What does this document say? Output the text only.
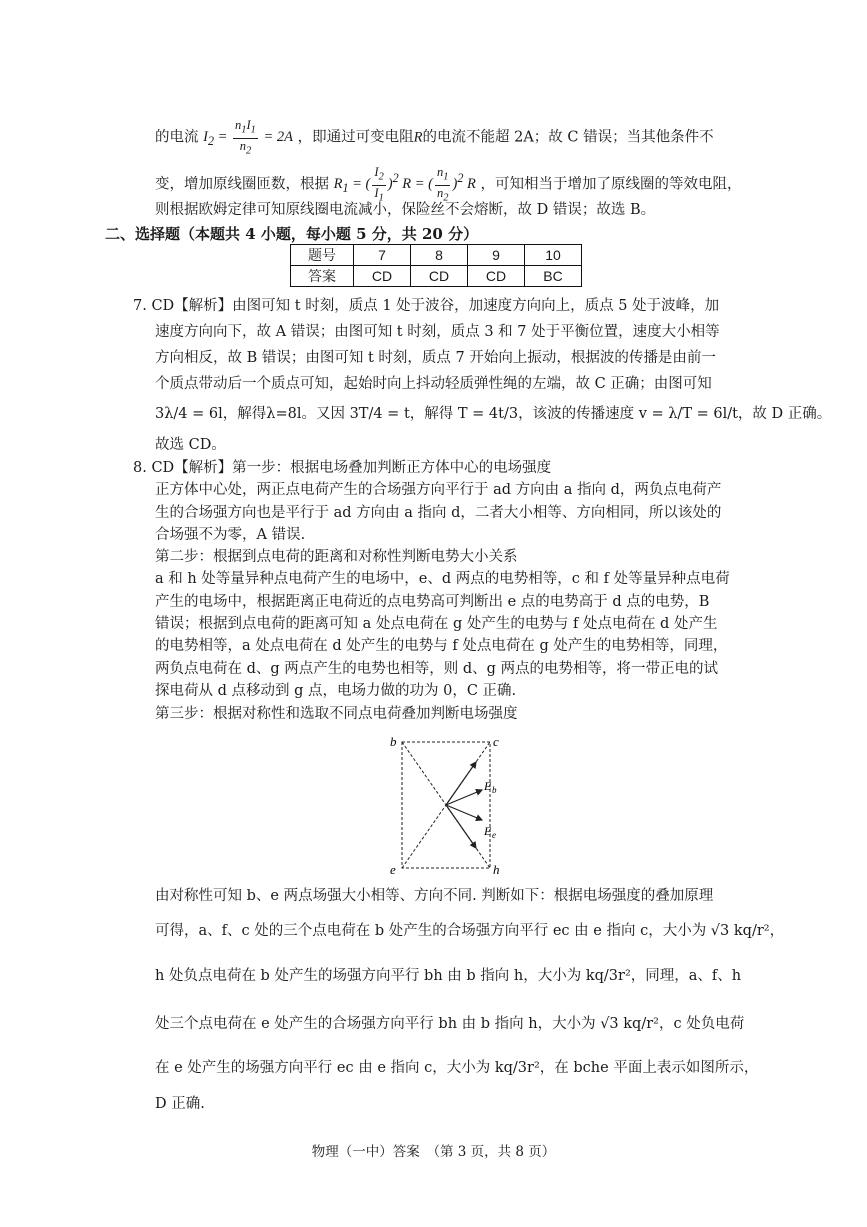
的电流 $I_2 = \frac{n_1I_1}{n_2} = 2A$ ，即通过可变电阻R的电流不能超 2A；故 C 错误；当其他条件不
变，增加原线圈匝数，根据 $R_1$ = ( $\frac{I_2}{I_1} )^2$ R = ( $\frac{n_1}{n_2} )^2$ R ，可知相当于增加了原线圈的等效电阻，
则根据欧姆定律可知原线圈电流减小，保险丝不会熔断，故 D 错误；故选 B。
二、选择题（本题共 4 小题，每小题 5 分，共 20 分）
题号	7	8	9	10
答案	CD	CD	CD	BC
7. CD【解析】由图可知 t 时刻，质点 1 处于波谷，加速度方向向上，质点 5 处于波峰，加
速度方向向下，故 A 错误；由图可知 t 时刻，质点 3 和 7 处于平衡位置，速度大小相等
方向相反，故 B 错误；由图可知 t 时刻，质点 7 开始向上振动，根据波的传播是由前一
个质点带动后一个质点可知，起始时向上抖动轻质弹性绳的左端，故 C 正确；由图可知
3λ/4 = 6l，解得λ=8l。又因 3T/4 = t，解得 T = 4t/3，该波的传播速度 v = λ/T = 6l/t，故 D 正确。
故选 CD。
8. CD【解析】第一步：根据电场叠加判断正方体中心的电场强度
正方体中心处，两正点电荷产生的合场强方向平行于 ad 方向由 a 指向 d，两负点电荷产
生的合场强方向也是平行于 ad 方向由 a 指向 d，二者大小相等、方向相同，所以该处的
合场强不为零，A 错误.
第二步：根据到点电荷的距离和对称性判断电势大小关系
a 和 h 处等量异种点电荷产生的电场中，e、d 两点的电势相等，c 和 f 处等量异种点电荷
产生的电场中，根据距离正电荷近的点电势高可判断出 e 点的电势高于 d 点的电势，B
错误；根据到点电荷的距离可知 a 处点电荷在 g 处产生的电势与 f 处点电荷在 d 处产生
的电势相等，a 处点电荷在 d 处产生的电势与 f 处点电荷在 g 处产生的电势相等，同理，
两负点电荷在 d、g 两点产生的电势也相等，则 d、g 两点的电势相等，将一带正电的试
探电荷从 d 点移动到 g 点，电场力做的功为 0，C 正确.
第三步：根据对称性和选取不同点电荷叠加判断电场强度
b	c
e	h
E b
E e
由对称性可知 b、e 两点场强大小相等、方向不同. 判断如下：根据电场强度的叠加原理
可得，a、f、c 处的三个点电荷在 b 处产生的合场强方向平行 ec 由 e 指向 c，大小为 √3 kq/r²，
h 处负点电荷在 b 处产生的场强方向平行 bh 由 b 指向 h，大小为 kq/3r²，同理，a、f、h
处三个点电荷在 e 处产生的合场强方向平行 bh 由 b 指向 h，大小为 √3 kq/r²，c 处负电荷
在 e 处产生的场强方向平行 ec 由 e 指向 c，大小为 kq/3r²，在 bche 平面上表示如图所示，
D 正确.
物理（一中）答案　（第 3 页，共 8 页）
